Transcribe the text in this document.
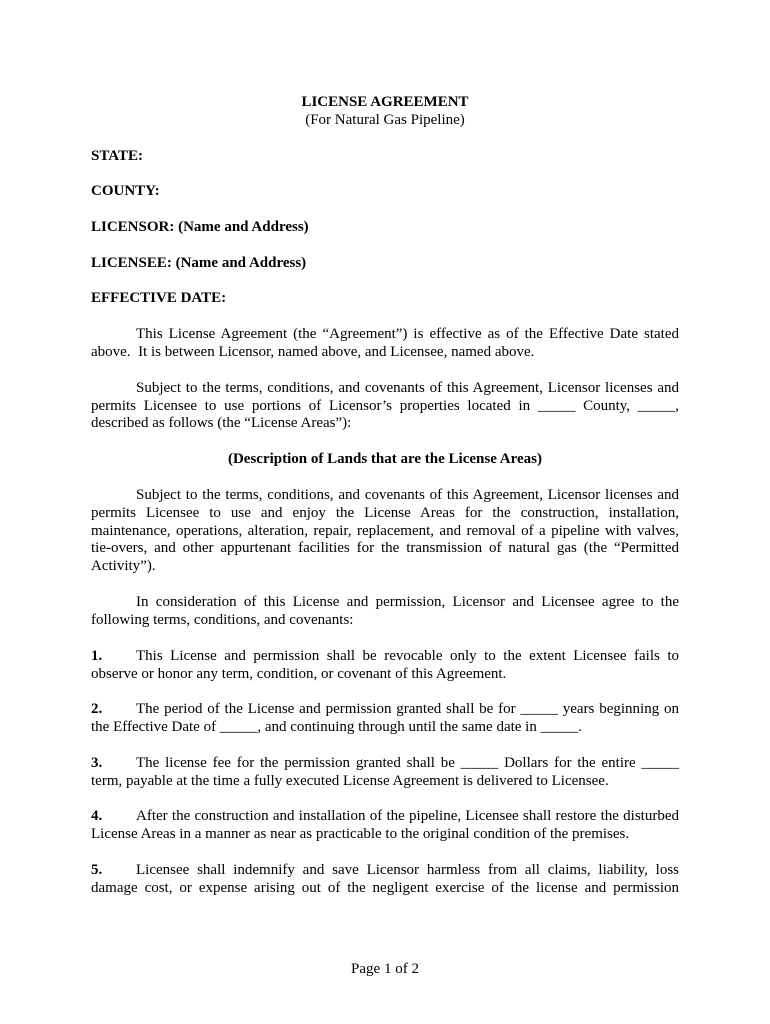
LICENSE AGREEMENT
(For Natural Gas Pipeline)
STATE:
COUNTY:
LICENSOR: (Name and Address)
LICENSEE: (Name and Address)
EFFECTIVE DATE:
This License Agreement (the “Agreement”) is effective as of the Effective Date stated
above.  It is between Licensor, named above, and Licensee, named above.
Subject to the terms, conditions, and covenants of this Agreement, Licensor licenses and
permits Licensee to use portions of Licensor’s properties located in _____ County, _____,
described as follows (the “License Areas”):
(Description of Lands that are the License Areas)
Subject to the terms, conditions, and covenants of this Agreement, Licensor licenses and
permits Licensee to use and enjoy the License Areas for the construction, installation,
maintenance, operations, alteration, repair, replacement, and removal of a pipeline with valves,
tie-overs, and other appurtenant facilities for the transmission of natural gas (the “Permitted
Activity”).
In consideration of this License and permission, Licensor and Licensee agree to the
following terms, conditions, and covenants:
1.	This License and permission shall be revocable only to the extent Licensee fails to
observe or honor any term, condition, or covenant of this Agreement.
2.	The period of the License and permission granted shall be for _____ years beginning on
the Effective Date of _____, and continuing through until the same date in _____.
3.	The license fee for the permission granted shall be _____ Dollars for the entire _____
term, payable at the time a fully executed License Agreement is delivered to Licensee.
4.	After the construction and installation of the pipeline, Licensee shall restore the disturbed
License Areas in a manner as near as practicable to the original condition of the premises.
5.	Licensee shall indemnify and save Licensor harmless from all claims, liability, loss
damage cost, or expense arising out of the negligent exercise of the license and permission
Page 1 of 2
